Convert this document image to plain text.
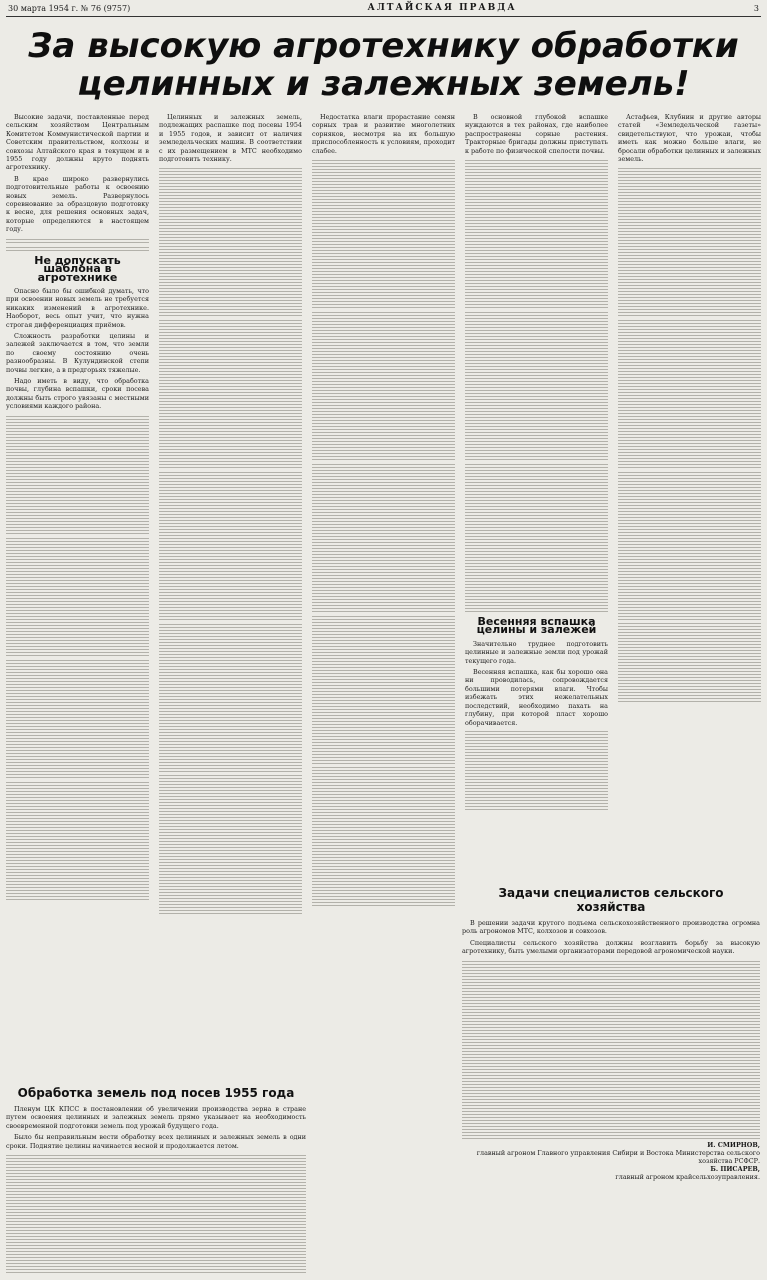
30 марта 1954 г. № 76 (9757)	АЛТАЙСКАЯ ПРАВДА	3
За высокую агротехнику обработки целинных и залежных земель!

Высокие задачи, поставленные перед сельским хозяйством Центральным Комитетом Коммунистической партии и Советским правительством, колхозы и совхозы Алтайского края в текущем и в 1955 году должны круто поднять агротехнику.

В крае широко развернулись подготовительные работы к освоению новых земель. Развернулось соревнование за образцовую подготовку к весне, для решения основных задач, которые определяются в настоящем году.

Не допускать шаблона в агротехнике

Опасно было бы ошибкой думать, что при освоении новых земель не требуется никаких изменений в агротехнике. Наоборот, весь опыт учит, что нужна строгая дифференциация приёмов.

Сложность разработки целины и залежей заключается в том, что земли по своему состоянию очень разнообразны. В Кулундинской степи почвы легкие, а в предгорьях тяжелые.

Надо иметь в виду, что обработка почвы, глубина вспашки, сроки посева должны быть строго увязаны с местными условиями каждого района.

Целинных и залежных земель, подлежащих распашке под посевы 1954 и 1955 годов, и зависит от наличия земледельческих машин. В соответствии с их размещением в МТС необходимо подготовить технику.

Недостатка влаги прорастание семян сорных трав и развитие многолетних сорняков, несмотря на их большую приспособленность к условиям, проходит слабее.

В основной глубокой вспашке нуждаются в тех районах, где наиболее распространены сорные растения. Тракторные бригады должны приступать к работе по физической спелости почвы.

Весенняя вспашка целины и залежей

Значительно труднее подготовить целинные и залежные земли под урожай текущего года.

Весенняя вспашка, как бы хорошо она ни проводилась, сопровождается большими потерями влаги. Чтобы избежать этих нежелательных последствий, необходимо пахать на глубину, при которой пласт хорошо оборачивается.

Астафьев, Клубнин и другие авторы статей «Земледельческой газеты» свидетельствуют, что урожаи, чтобы иметь как можно больше влаги, не бросали обработки целинных и залежных земель.

Обработка земель под посев 1955 года

Пленум ЦК КПСС в постановлении об увеличении производства зерна в стране путем освоения целинных и залежных земель прямо указывает на необходимость своевременной подготовки земель под урожай будущего года.

Было бы неправильным вести обработку всех целинных и залежных земель в одни сроки. Поднятие целины начинается весной и продолжается летом.

Задачи специалистов сельского хозяйства

В решении задачи крутого подъема сельскохозяйственного производства огромна роль агрономов МТС, колхозов и совхозов.

Специалисты сельского хозяйства должны возглавить борьбу за высокую агротехнику, быть умелыми организаторами передовой агрономической науки.

И. СМИРНОВ,
главный агроном Главного управления Сибири и Востока Министерства сельского хозяйства РСФСР.
Б. ПИСАРЕВ,
главный агроном крайсельхозуправления.
